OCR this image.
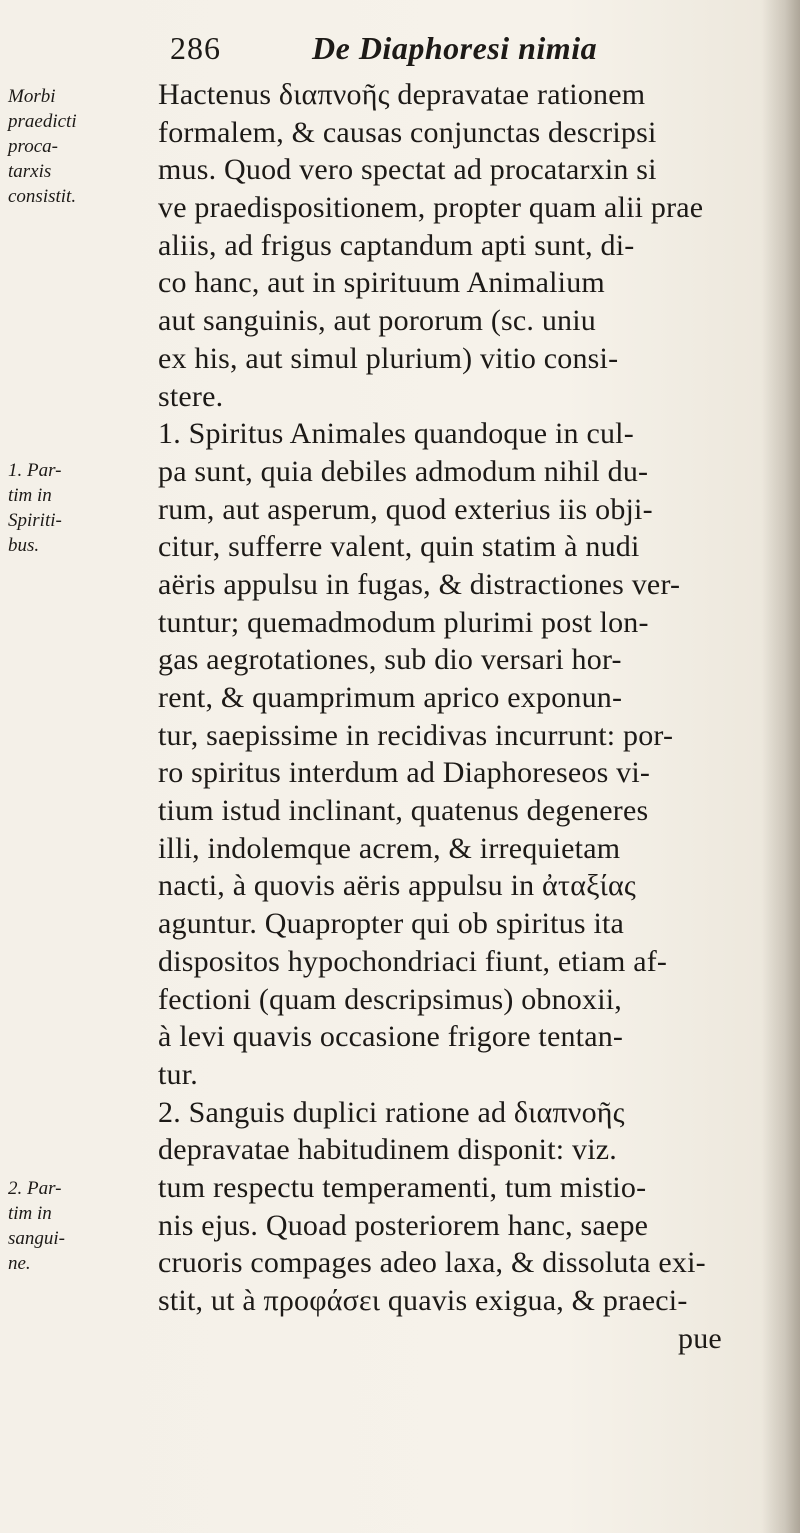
286	De Diaphoresi nimia
Morbi
praedicti
proca-
tarxis
consistit.
1. Par-
tim in
Spiriti-
bus.
2. Par-
tim in
sangui-
ne.
Hactenus διαπνοῆς depravatae rationem
formalem, & causas conjunctas descripsi
mus. Quod vero spectat ad procatarxin si
ve praedispositionem, propter quam alii prae
aliis, ad frigus captandum apti sunt, di-
co hanc, aut in spirituum Animalium
aut sanguinis, aut pororum (sc. uniu
ex his, aut simul plurium) vitio consi-
stere.
1. Spiritus Animales quandoque in cul-
pa sunt, quia debiles admodum nihil du-
rum, aut asperum, quod exterius iis obji-
citur, sufferre valent, quin statim à nudi
aëris appulsu in fugas, & distractiones ver-
tuntur; quemadmodum plurimi post lon-
gas aegrotationes, sub dio versari hor-
rent, & quamprimum aprico exponun-
tur, saepissime in recidivas incurrunt: por-
ro spiritus interdum ad Diaphoreseos vi-
tium istud inclinant, quatenus degeneres
illi, indolemque acrem, & irrequietam
nacti, à quovis aëris appulsu in ἀταξίας
aguntur. Quapropter qui ob spiritus ita
dispositos hypochondriaci fiunt, etiam af-
fectioni (quam descripsimus) obnoxii,
à levi quavis occasione frigore tentan-
tur.
2. Sanguis duplici ratione ad διαπνοῆς
depravatae habitudinem disponit: viz.
tum respectu temperamenti, tum mistio-
nis ejus. Quoad posteriorem hanc, saepe
cruoris compages adeo laxa, & dissoluta exi-
stit, ut à προφάσει quavis exigua, & praeci-
pue
